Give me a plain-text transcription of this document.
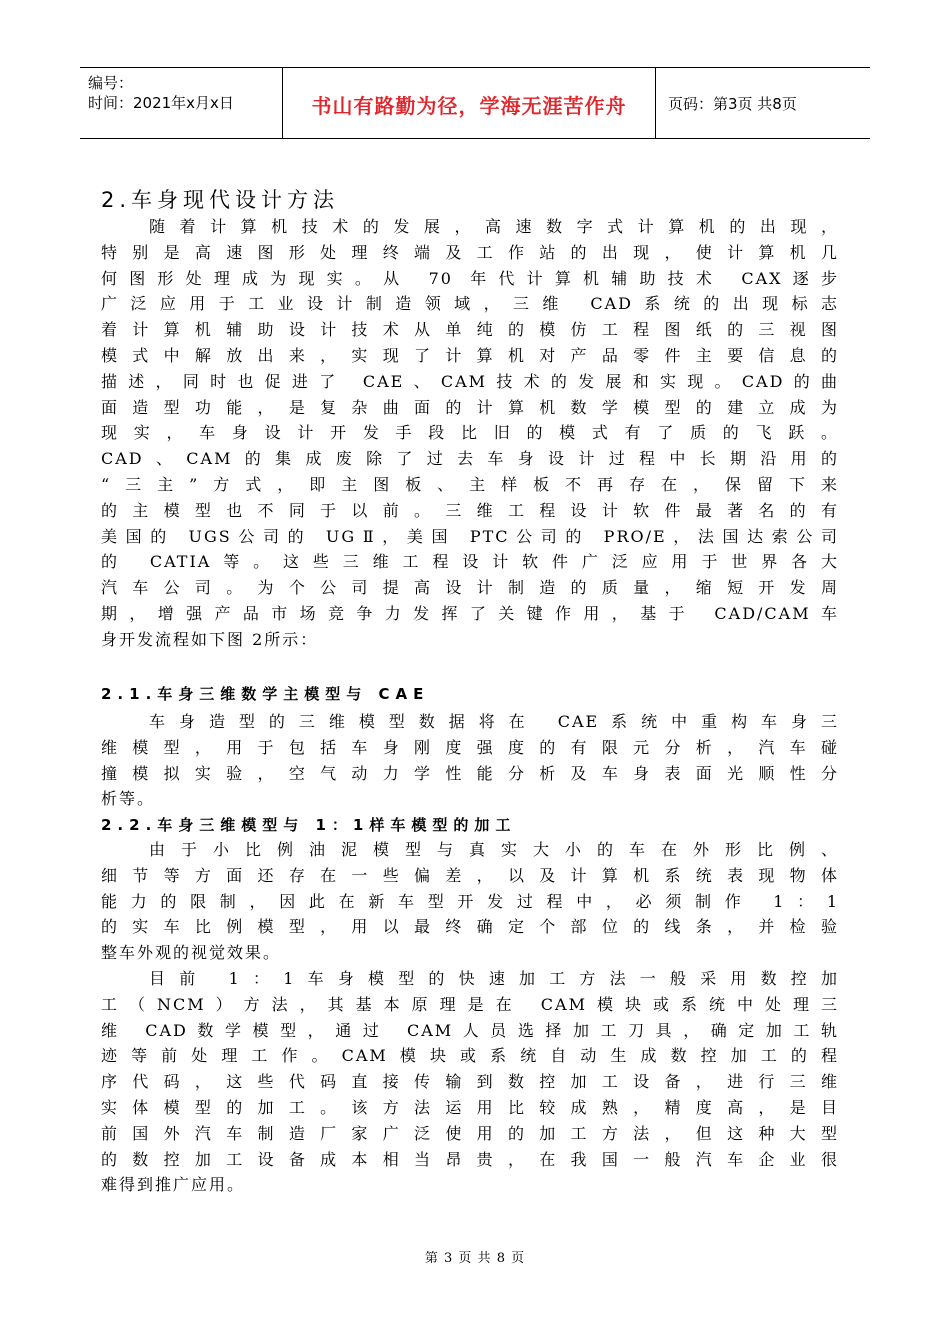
编号：
时间：2021年x月x日	书山有路勤为径，学海无涯苦作舟	页码：第3页 共8页
2.车身现代设计方法
随着计算机技术的发展，高速数字式计算机的出现，
特别是高速图形处理终端及工作站的出现，使计算机几
何图形处理成为现实。从 70 年代计算机辅助技术 CAX逐步
广泛应用于工业设计制造领域，三维 CAD系统的出现标志
着计算机辅助设计技术从单纯的模仿工程图纸的三视图
模式中解放出来，实现了计算机对产品零件主要信息的
描述，同时也促进了 CAE、CAM技术的发展和实现。CAD的曲
面造型功能，是复杂曲面的计算机数学模型的建立成为
现实，车身设计开发手段比旧的模式有了质的飞跃。
CAD、CAM的集成废除了过去车身设计过程中长期沿用的
“三主”方式，即主图板、主样板不再存在，保留下来
的主模型也不同于以前。三维工程设计软件最著名的有
美国的 UGS公司的 UGⅡ，美国 PTC公司的 PRO/E，法国达索公司
的 CATIA等。这些三维工程设计软件广泛应用于世界各大
汽车公司。为个公司提高设计制造的质量，缩短开发周
期，增强产品市场竞争力发挥了关键作用，基于 CAD/CAM车
身开发流程如下图 2所示：
2.1.车身三维数学主模型与 CAE
车身造型的三维模型数据将在 CAE系统中重构车身三
维模型，用于包括车身刚度强度的有限元分析，汽车碰
撞模拟实验，空气动力学性能分析及车身表面光顺性分
析等。
2.2.车身三维模型与 1：1样车模型的加工
由于小比例油泥模型与真实大小的车在外形比例、
细节等方面还存在一些偏差，以及计算机系统表现物体
能力的限制，因此在新车型开发过程中，必须制作 1：1
的实车比例模型，用以最终确定个部位的线条，并检验
整车外观的视觉效果。
目前 1：1车身模型的快速加工方法一般采用数控加
工（NCM）方法，其基本原理是在 CAM模块或系统中处理三
维 CAD数学模型，通过 CAM人员选择加工刀具，确定加工轨
迹等前处理工作。CAM模块或系统自动生成数控加工的程
序代码，这些代码直接传输到数控加工设备，进行三维
实体模型的加工。该方法运用比较成熟，精度高，是目
前国外汽车制造厂家广泛使用的加工方法，但这种大型
的数控加工设备成本相当昂贵，在我国一般汽车企业很
难得到推广应用。
第 3 页 共 8 页
